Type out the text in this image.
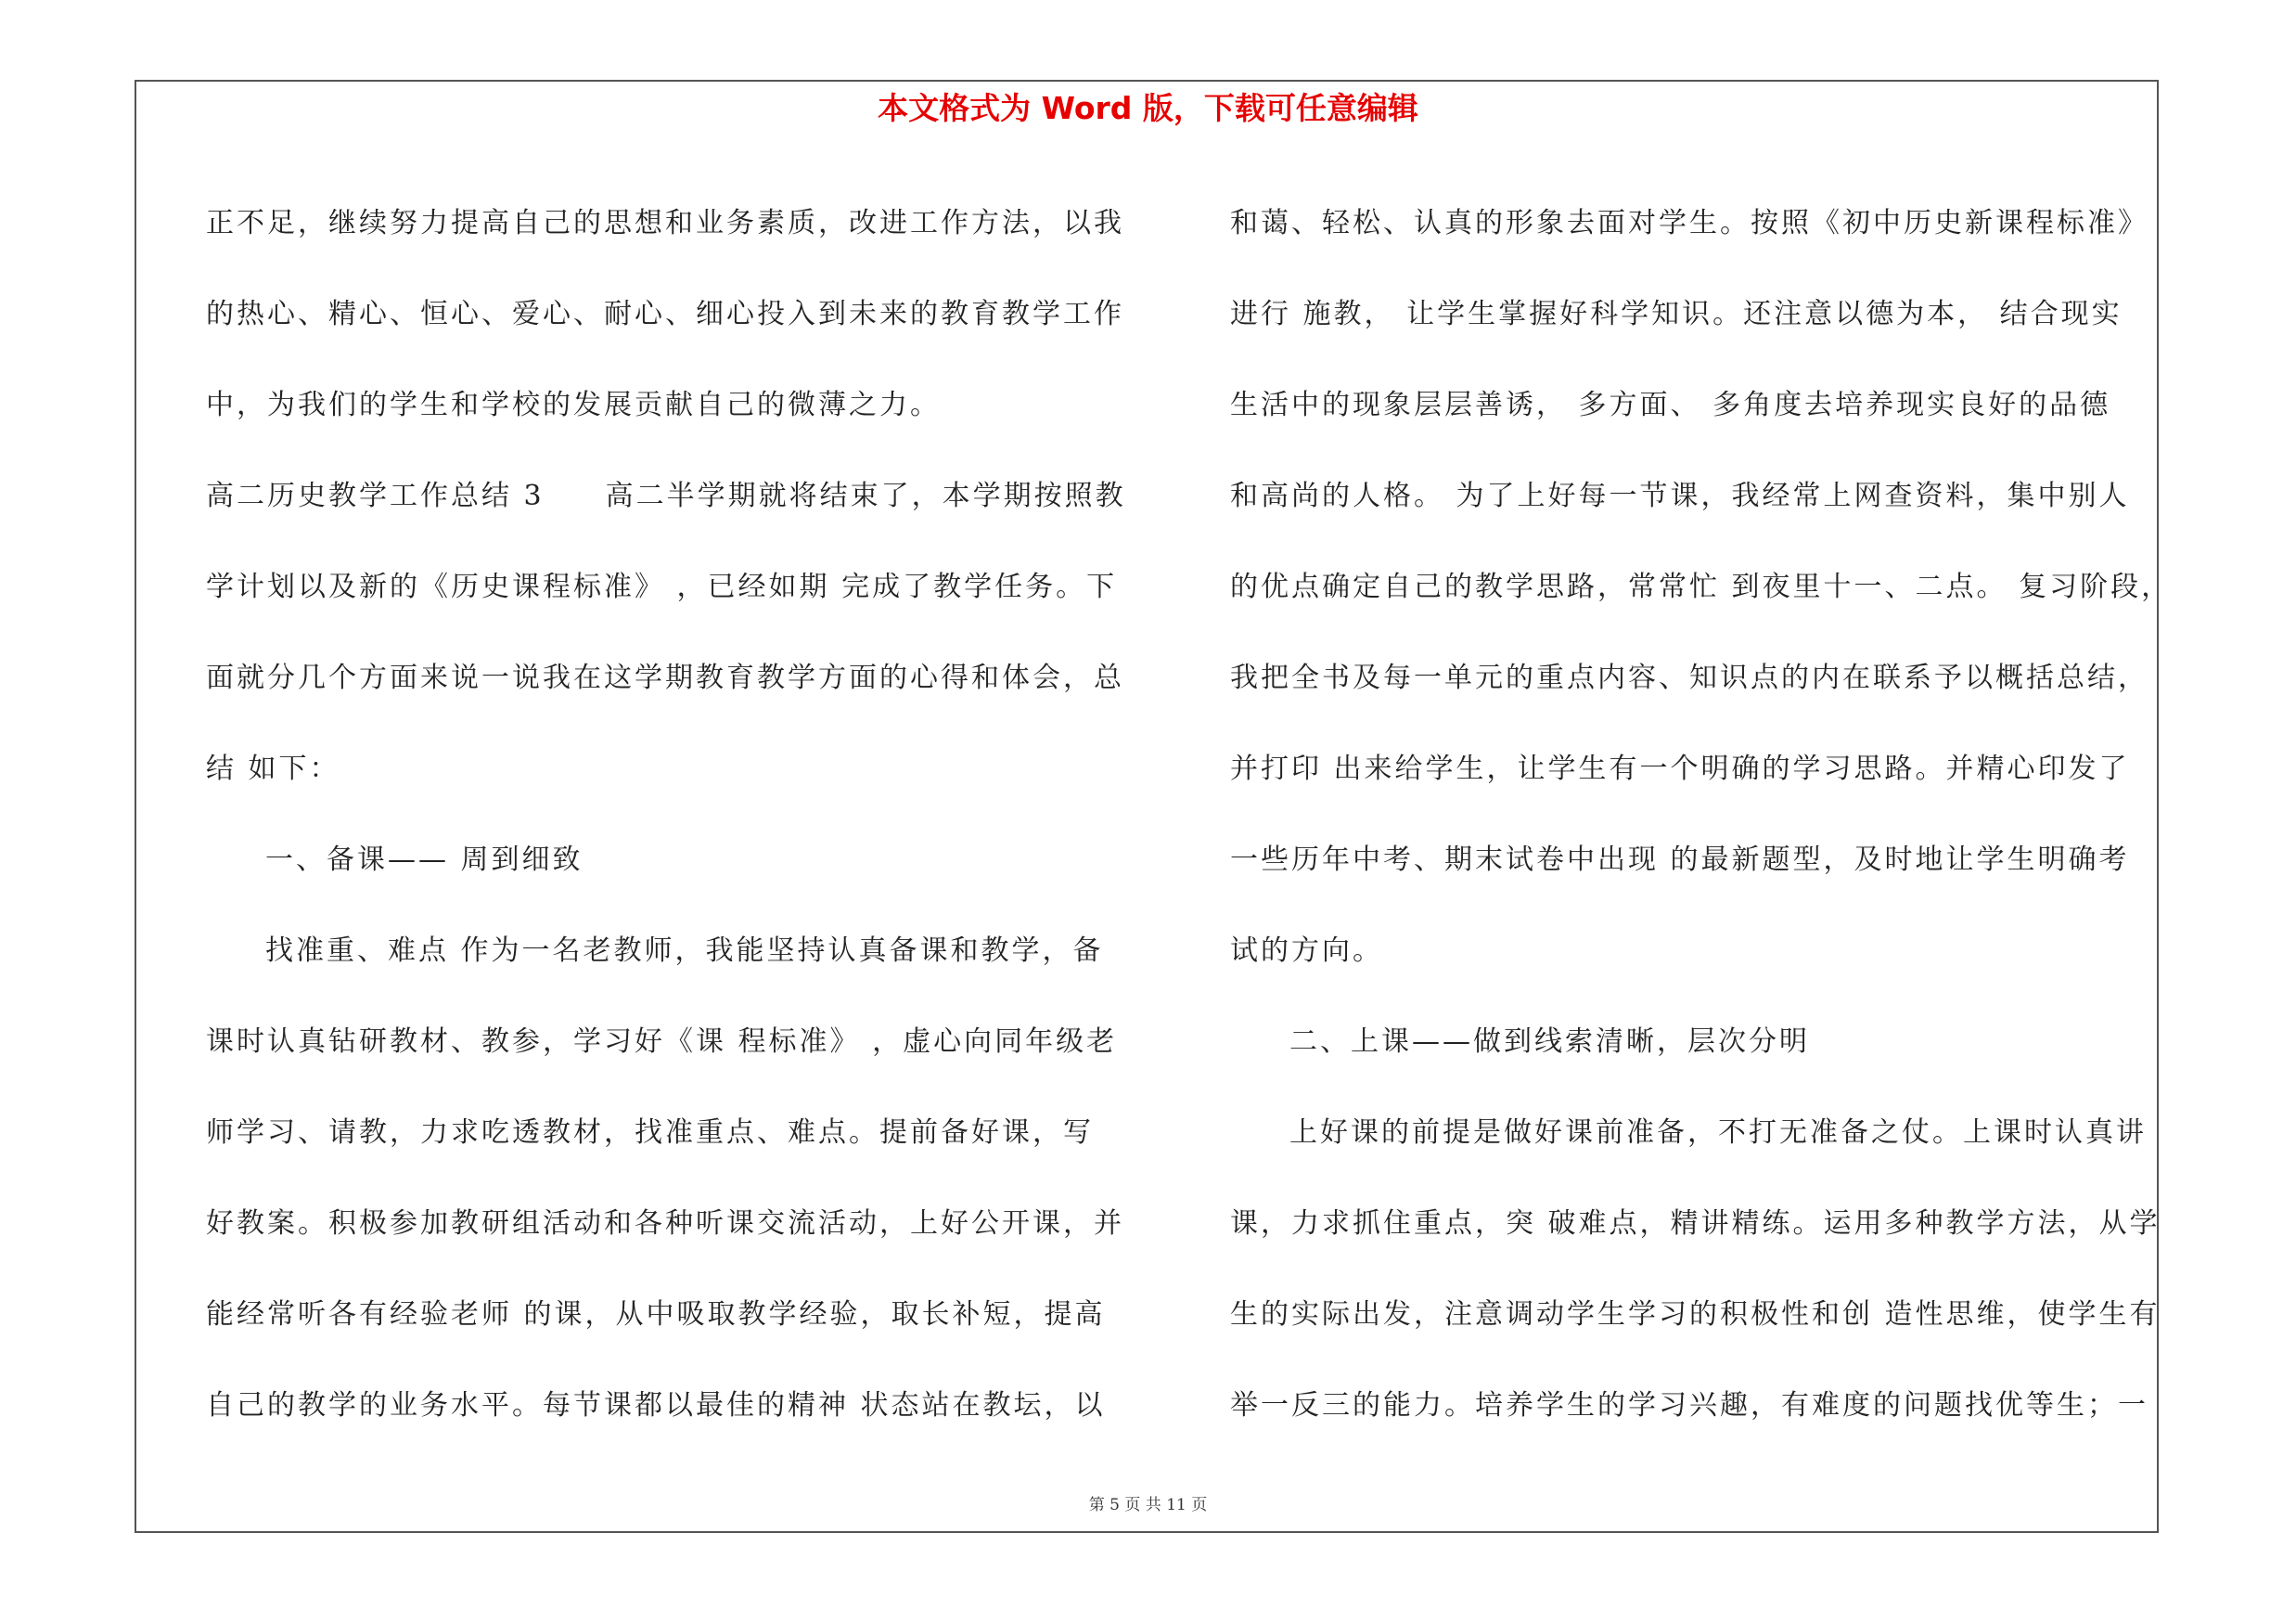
本文格式为 Word 版，下载可任意编辑
正不足，继续努力提高自己的思想和业务素质，改进工作方法，以我
的热心、精心、恒心、爱心、耐心、细心投入到未来的教育教学工作
中，为我们的学生和学校的发展贡献自己的微薄之力。
高二历史教学工作总结 3　　高二半学期就将结束了，本学期按照教
学计划以及新的《历史课程标准》 ，已经如期 完成了教学任务。下
面就分几个方面来说一说我在这学期教育教学方面的心得和体会，总
结 如下：
一、备课—— 周到细致
找准重、难点 作为一名老教师，我能坚持认真备课和教学，备
课时认真钻研教材、教参，学习好《课 程标准》 ，虚心向同年级老
师学习、请教，力求吃透教材，找准重点、难点。提前备好课，写
好教案。积极参加教研组活动和各种听课交流活动，上好公开课，并
能经常听各有经验老师 的课，从中吸取教学经验，取长补短，提高
自己的教学的业务水平。每节课都以最佳的精神 状态站在教坛，以
和蔼、轻松、认真的形象去面对学生。按照《初中历史新课程标准》
进行 施教， 让学生掌握好科学知识。还注意以德为本， 结合现实
生活中的现象层层善诱， 多方面、 多角度去培养现实良好的品德
和高尚的人格。 为了上好每一节课，我经常上网查资料，集中别人
的优点确定自己的教学思路，常常忙 到夜里十一、二点。 复习阶段，
我把全书及每一单元的重点内容、知识点的内在联系予以概括总结，
并打印 出来给学生，让学生有一个明确的学习思路。并精心印发了
一些历年中考、期末试卷中出现 的最新题型，及时地让学生明确考
试的方向。
二、上课——做到线索清晰，层次分明
上好课的前提是做好课前准备，不打无准备之仗。上课时认真讲
课，力求抓住重点，突 破难点，精讲精练。运用多种教学方法，从学
生的实际出发，注意调动学生学习的积极性和创 造性思维，使学生有
举一反三的能力。培养学生的学习兴趣，有难度的问题找优等生；一
第 5 页 共 11 页
